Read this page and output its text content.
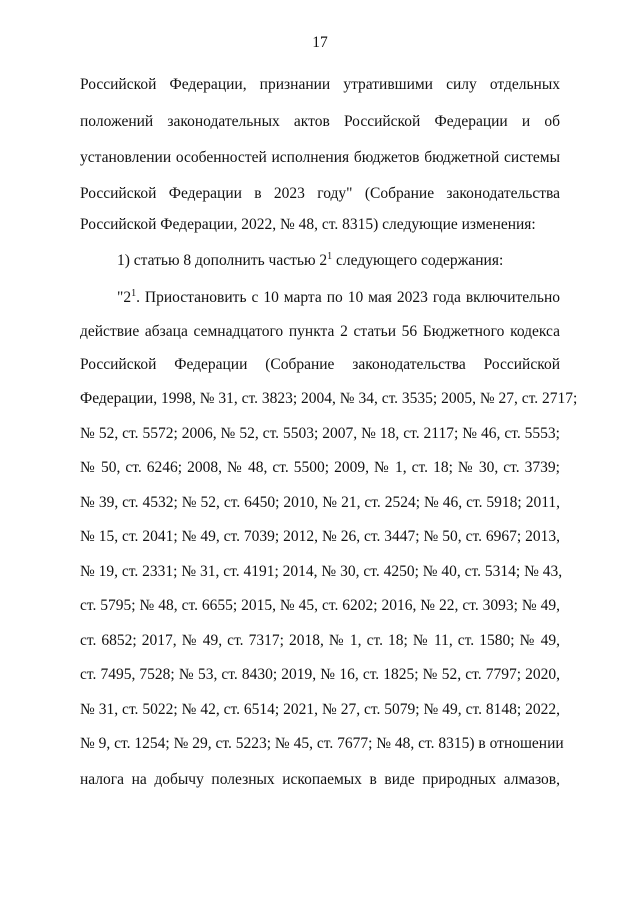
17
Российской Федерации, признании утратившими силу отдельных
положений законодательных актов Российской Федерации и об
установлении особенностей исполнения бюджетов бюджетной системы
Российской Федерации в 2023 году" (Собрание законодательства
Российской Федерации, 2022, № 48, ст. 8315) следующие изменения:
1) статью 8 дополнить частью $2^1$ следующего содержания:
"$2^1$. Приостановить с 10 марта по 10 мая 2023 года включительно
действие абзаца семнадцатого пункта 2 статьи 56 Бюджетного кодекса
Российской Федерации (Собрание законодательства Российской
Федерации, 1998, № 31, ст. 3823; 2004, № 34, ст. 3535; 2005, № 27, ст. 2717;
№ 52, ст. 5572; 2006, № 52, ст. 5503; 2007, № 18, ст. 2117; № 46, ст. 5553;
№ 50, ст. 6246; 2008, № 48, ст. 5500; 2009, № 1, ст. 18; № 30, ст. 3739;
№ 39, ст. 4532; № 52, ст. 6450; 2010, № 21, ст. 2524; № 46, ст. 5918; 2011,
№ 15, ст. 2041; № 49, ст. 7039; 2012, № 26, ст. 3447; № 50, ст. 6967; 2013,
№ 19, ст. 2331; № 31, ст. 4191; 2014, № 30, ст. 4250; № 40, ст. 5314; № 43,
ст. 5795; № 48, ст. 6655; 2015, № 45, ст. 6202; 2016, № 22, ст. 3093; № 49,
ст. 6852; 2017, № 49, ст. 7317; 2018, № 1, ст. 18; № 11, ст. 1580; № 49,
ст. 7495, 7528; № 53, ст. 8430; 2019, № 16, ст. 1825; № 52, ст. 7797; 2020,
№ 31, ст. 5022; № 42, ст. 6514; 2021, № 27, ст. 5079; № 49, ст. 8148; 2022,
№ 9, ст. 1254; № 29, ст. 5223; № 45, ст. 7677; № 48, ст. 8315) в отношении
налога на добычу полезных ископаемых в виде природных алмазов,
